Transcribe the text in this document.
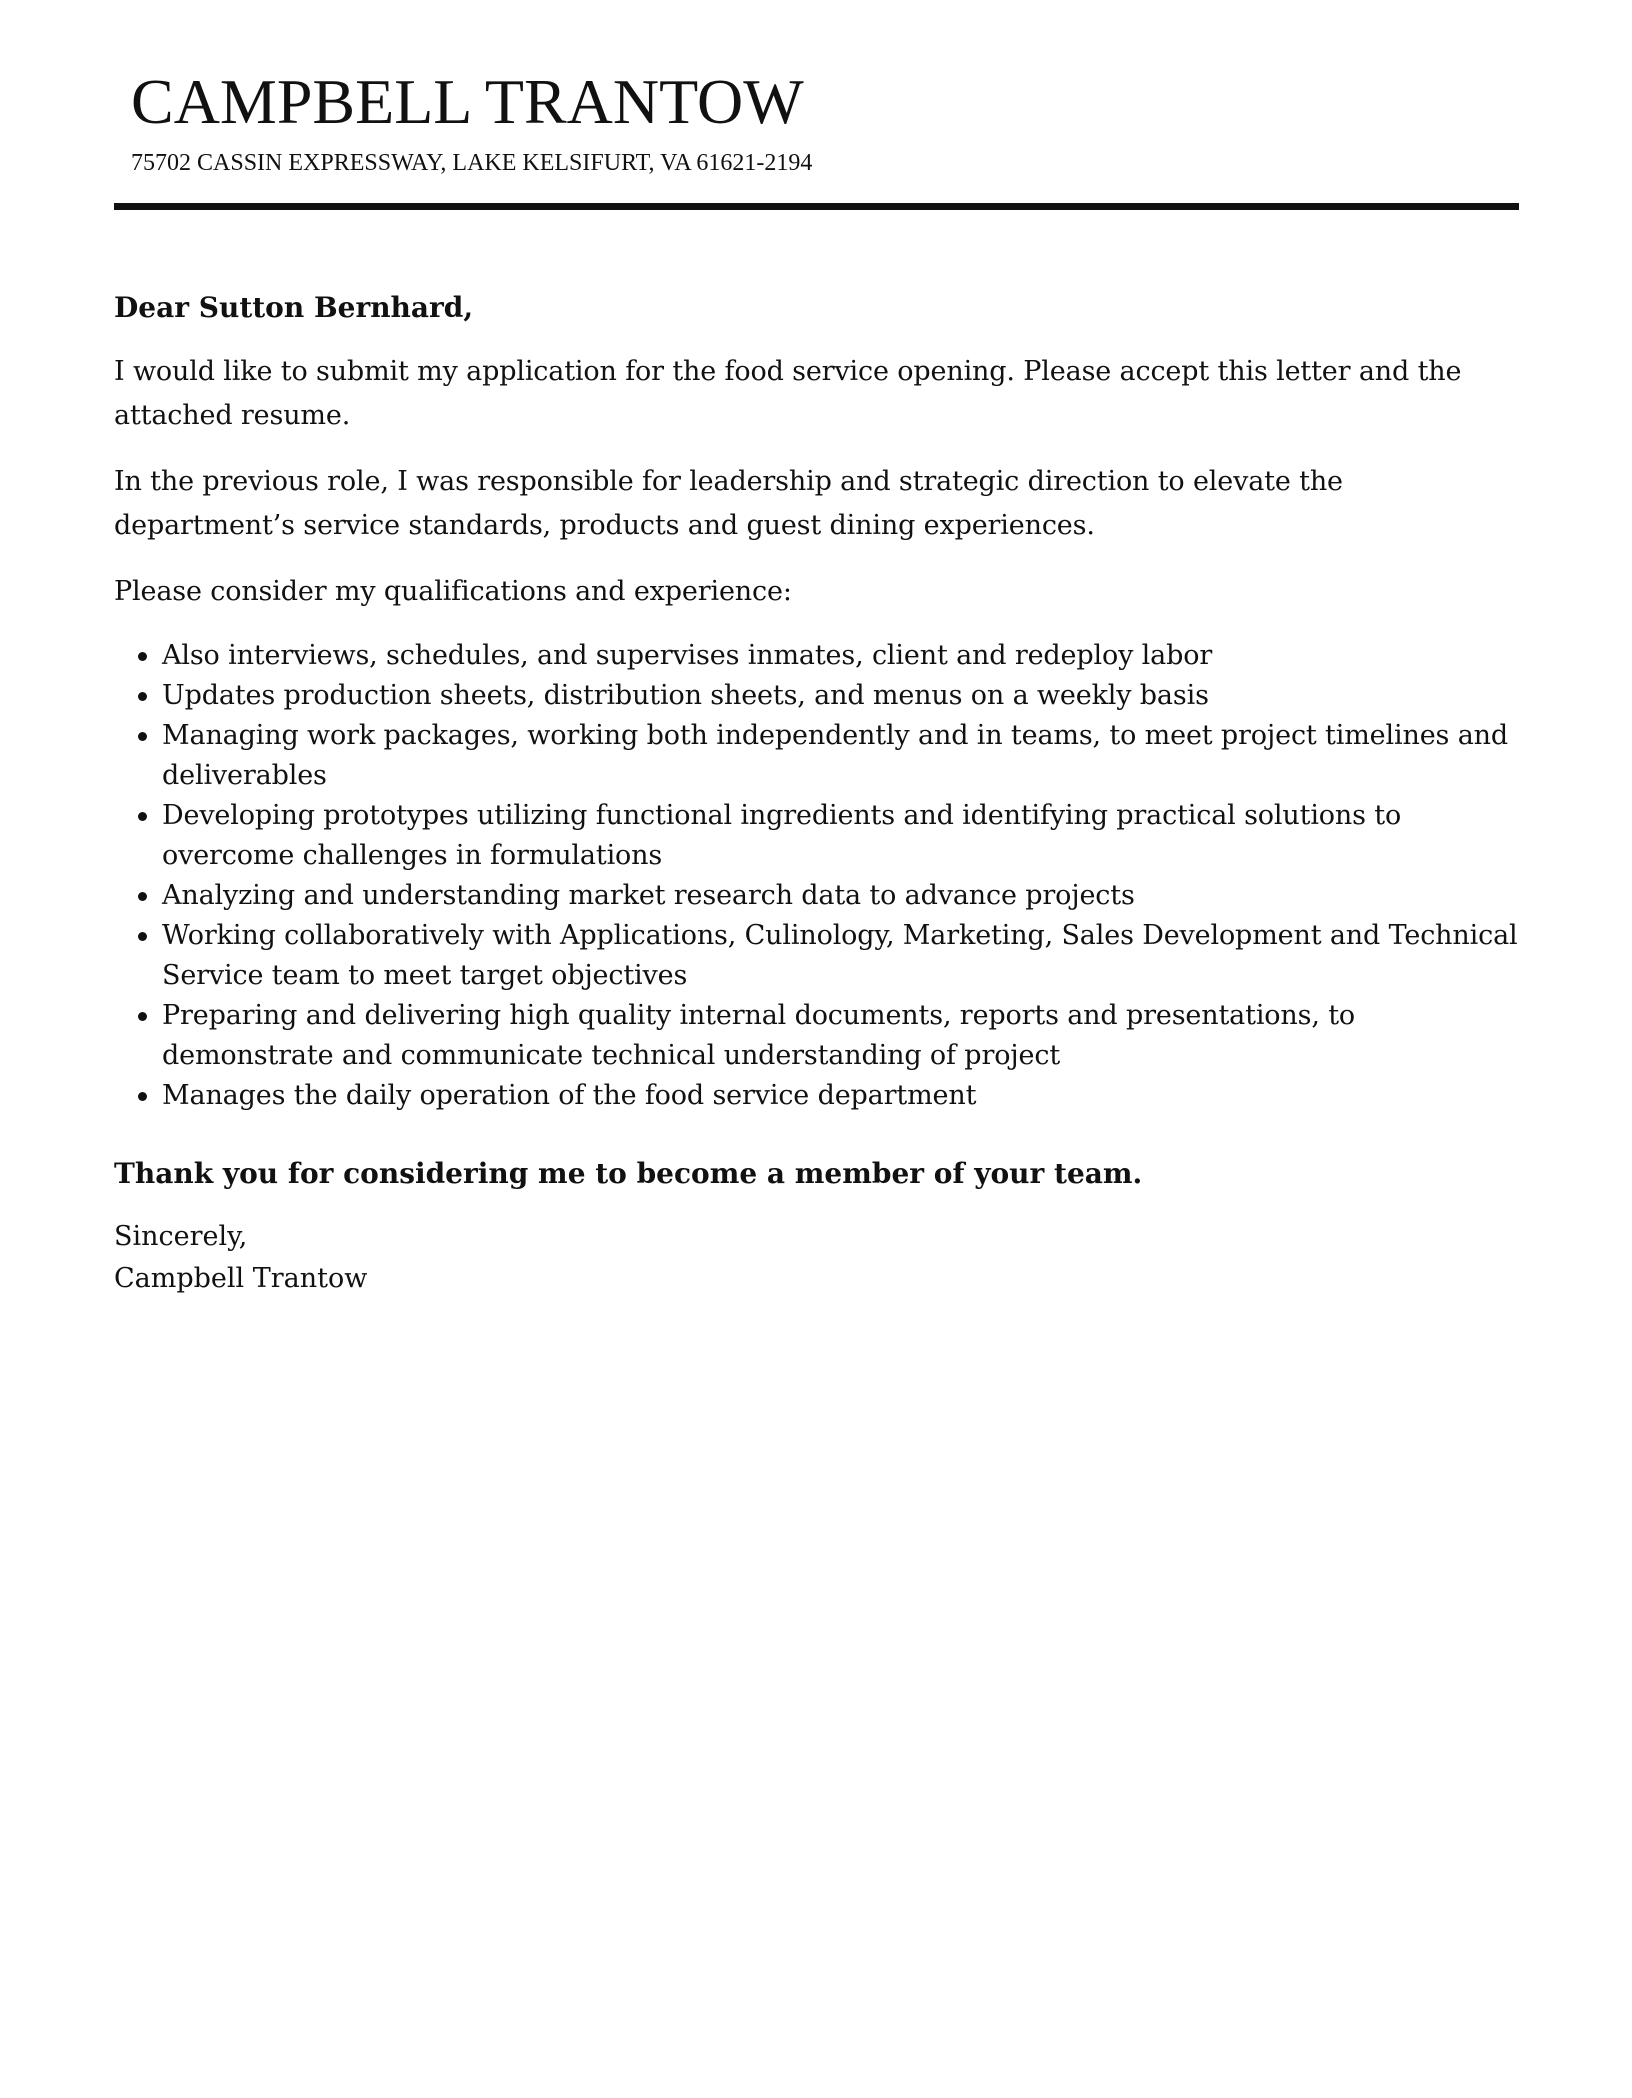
CAMPBELL TRANTOW
75702 CASSIN EXPRESSWAY, LAKE KELSIFURT, VA 61621-2194

Dear Sutton Bernhard,

I would like to submit my application for the food service opening. Please accept this letter and the attached resume.

In the previous role, I was responsible for leadership and strategic direction to elevate the department’s service standards, products and guest dining experiences.

Please consider my qualifications and experience:

Also interviews, schedules, and supervises inmates, client and redeploy labor
Updates production sheets, distribution sheets, and menus on a weekly basis
Managing work packages, working both independently and in teams, to meet project timelines and deliverables
Developing prototypes utilizing functional ingredients and identifying practical solutions to overcome challenges in formulations
Analyzing and understanding market research data to advance projects
Working collaboratively with Applications, Culinology, Marketing, Sales Development and Technical Service team to meet target objectives
Preparing and delivering high quality internal documents, reports and presentations, to demonstrate and communicate technical understanding of project
Manages the daily operation of the food service department

Thank you for considering me to become a member of your team.

Sincerely,

Campbell Trantow
